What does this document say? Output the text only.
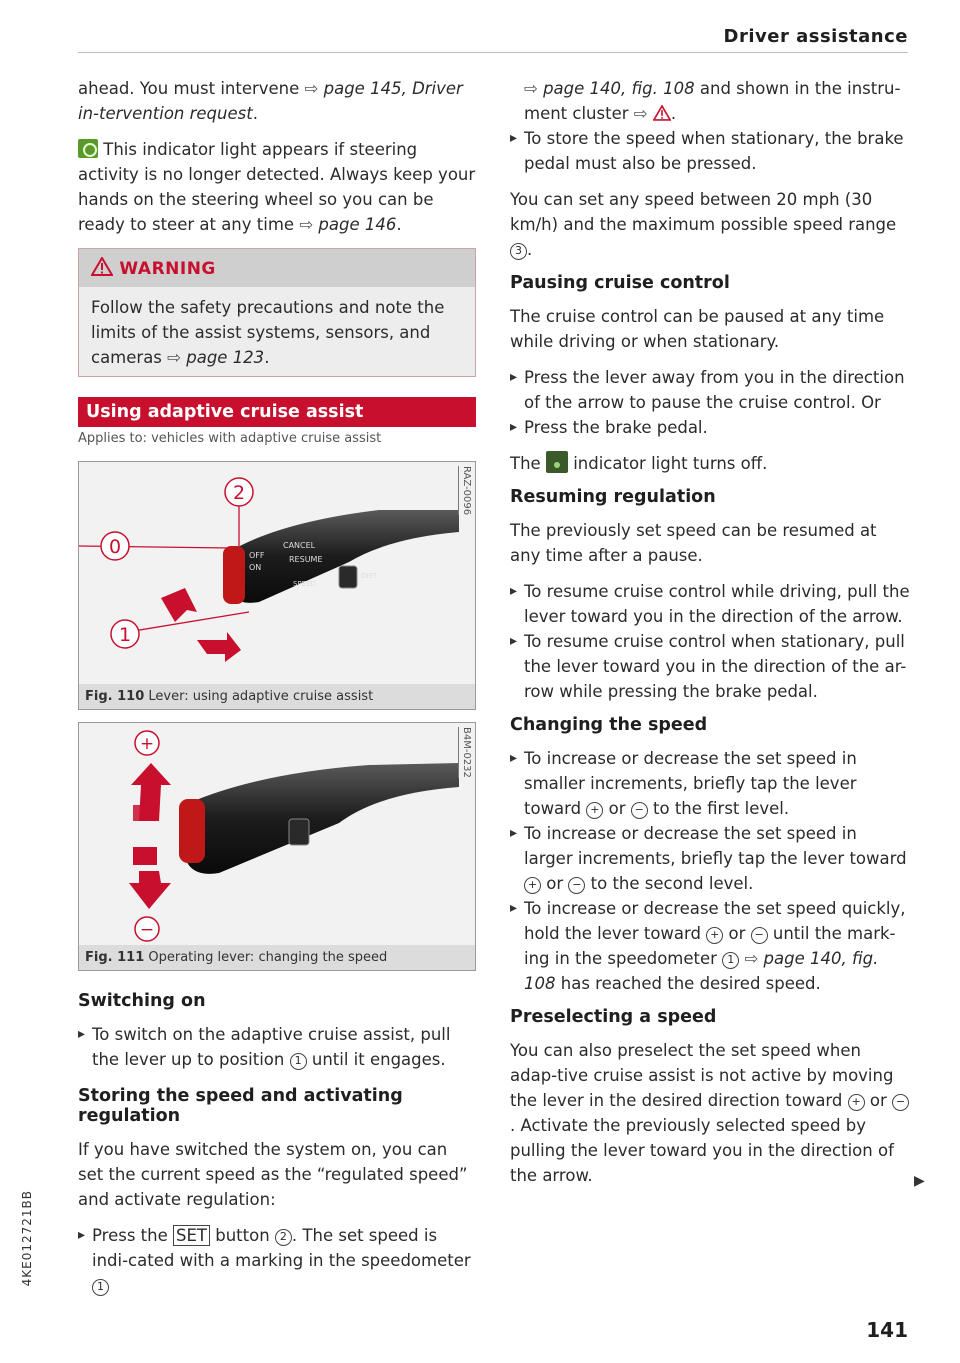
Driver assistance

ahead. You must intervene ⇨ page 145, Driver in-tervention request.

This indicator light appears if steering activity is no longer detected. Always keep your hands on the steering wheel so you can be ready to steer at any time ⇨ page 146.

WARNING
Follow the safety precautions and note the limits of the assist systems, sensors, and cameras ⇨ page 123.
Using adaptive cruise assist
Applies to: vehicles with adaptive cruise assist
RAZ-0096
OFF
CANCEL
ON
RESUME
SPEED
DIST
0
2
1
Fig. 110 Lever: using adaptive cruise assist
B4M-0232
+
−
Fig. 111 Operating lever: changing the speed
Switching on
▸ To switch on the adaptive cruise assist, pull the lever up to position 1 until it engages.
Storing the speed and activating regulation

If you have switched the system on, you can set the current speed as the “regulated speed” and activate regulation:

▸ Press the SET button 2 . The set speed is indi-cated with a marking in the speedometer 1

⇨ page 140, fig. 108 and shown in the instru-ment cluster ⇨ .

▸ To store the speed when stationary, the brake pedal must also be pressed.

You can set any speed between 20 mph (30 km/h) and the maximum possible speed range 3 .

Pausing cruise control

The cruise control can be paused at any time while driving or when stationary.

▸ Press the lever away from you in the direction of the arrow to pause the cruise control. Or
▸ Press the brake pedal.

The indicator light turns off.

Resuming regulation

The previously set speed can be resumed at any time after a pause.

▸ To resume cruise control while driving, pull the lever toward you in the direction of the arrow.
▸ To resume cruise control when stationary, pull the lever toward you in the direction of the ar-row while pressing the brake pedal.
Changing the speed
▸ To increase or decrease the set speed in smaller increments, briefly tap the lever toward + or − to the first level.
▸ To increase or decrease the set speed in larger increments, briefly tap the lever toward + or − to the second level.
▸ To increase or decrease the set speed quickly, hold the lever toward + or − until the mark-ing in the speedometer 1 ⇨ page 140, fig. 108 has reached the desired speed.
Preselecting a speed

You can also preselect the set speed when adap-tive cruise assist is not active by moving the lever in the desired direction toward + or −. Activate the previously selected speed by pulling the lever toward you in the direction of the arrow.	▶
4KE012721BB
141
